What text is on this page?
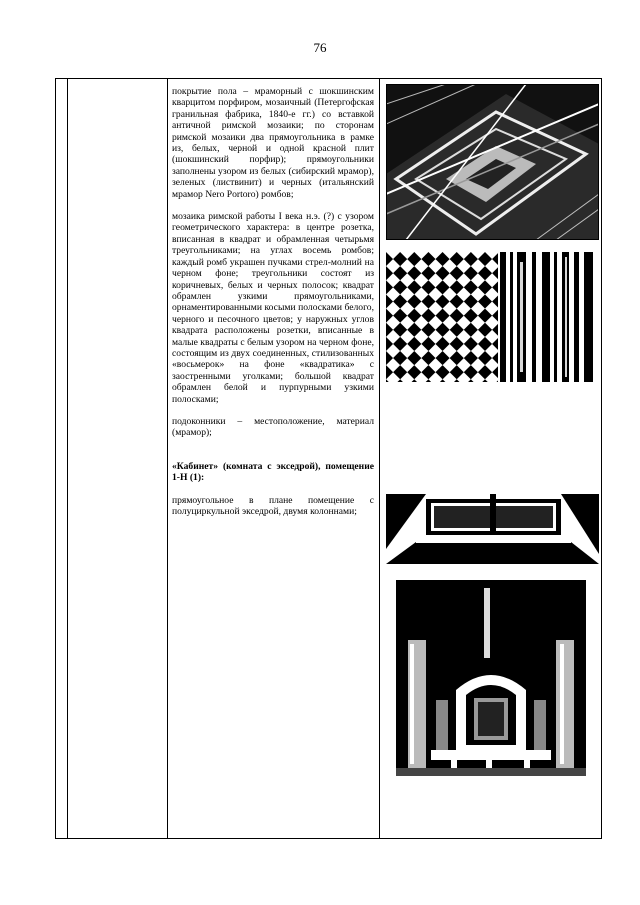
76

покрытие пола – мраморный с шокшинским кварцитом порфиром, мозаичный (Петергофская гранильная фабрика, 1840-е гг.) со вставкой античной римской мозаики; по сторонам римской мозаики два прямоугольника в рамке из, белых, черной и одной красной плит (шокшинский порфир); прямоугольники заполнены узором из белых (сибирский мрамор), зеленых (листвинит) и черных (итальянский мрамор Nero Portoro) ромбов;

мозаика римской работы I века н.э. (?) с узором геометрического характера: в центре розетка, вписанная в квадрат и обрамленная четырьмя треугольниками; на углах восемь ромбов; каждый ромб украшен пучками стрел-молний на черном фоне; треугольники состоят из коричневых, белых и черных полосок; квадрат обрамлен узкими прямоугольниками, орнаментированными косыми полосками белого, черного и песочного цветов; у наружных углов квадрата расположены розетки, вписанные в малые квадраты с белым узором на черном фоне, состоящим из двух соединенных, стилизованных «восьмерок» на фоне «квадратика» с заостренными уголками; большой квадрат обрамлен белой и пурпурными узкими полосками;

подоконники – местоположение, материал (мрамор);

«Кабинет» (комната с экседрой), помещение 1-Н (1):

прямоугольное в плане помещение с полуциркульной экседрой, двумя колоннами;
